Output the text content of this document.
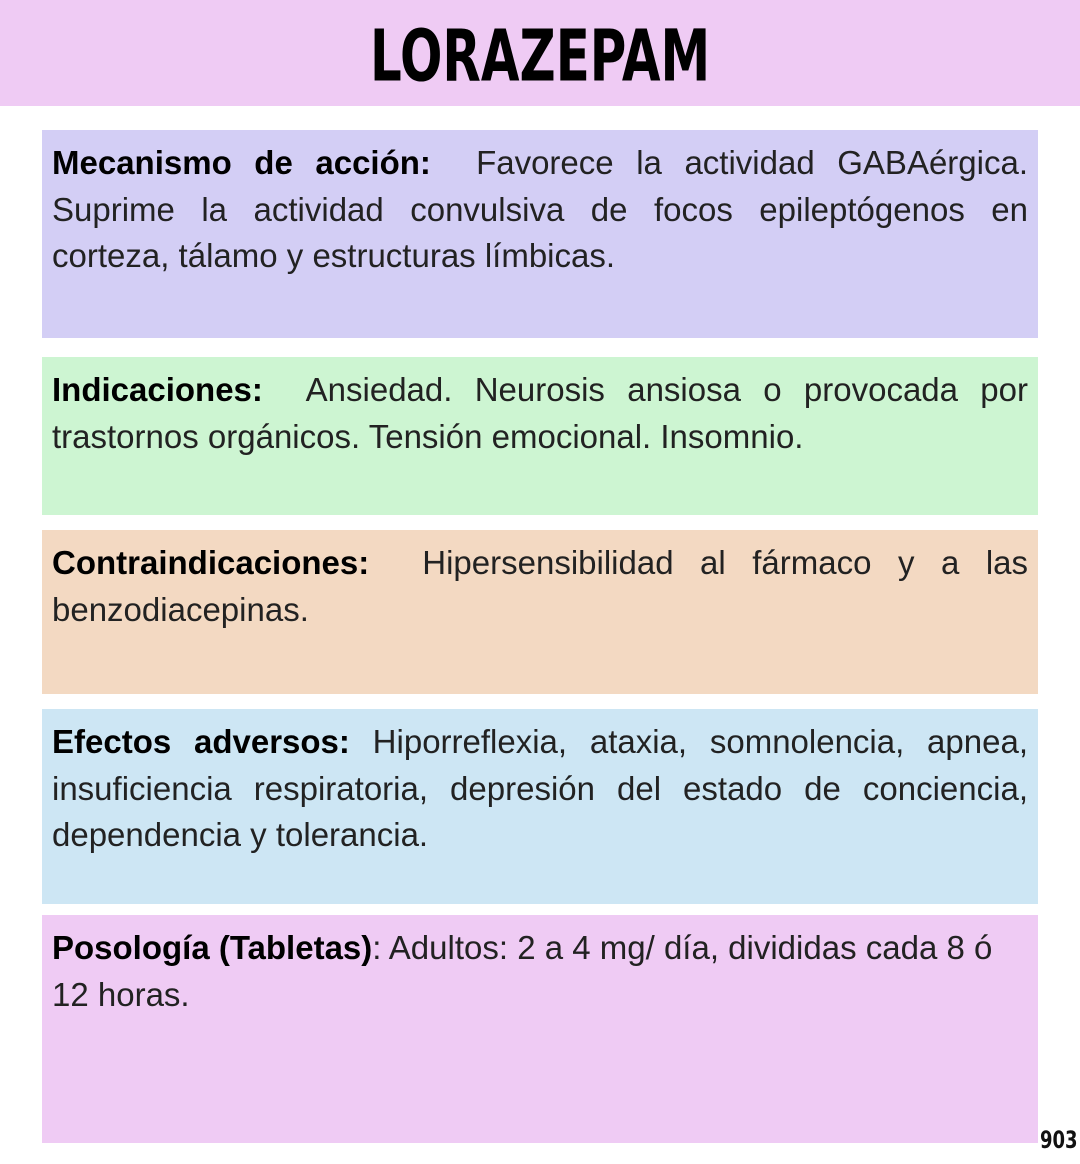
LORAZEPAM

Mecanismo de acción: Favorece la actividad GABAérgica. Suprime la actividad convulsiva de focos epileptógenos en corteza, tálamo y estructuras límbicas.

Indicaciones: Ansiedad. Neurosis ansiosa o provocada por trastornos orgánicos. Tensión emocional. Insomnio.

Contraindicaciones: Hipersensibilidad al fármaco y a las benzodiacepinas.

Efectos adversos: Hiporreflexia, ataxia, somnolencia, apnea, insuficiencia respiratoria, depresión del estado de conciencia, dependencia y tolerancia.

Posología (Tabletas): Adultos: 2 a 4 mg/ día, divididas cada 8 ó 12 horas.

903
